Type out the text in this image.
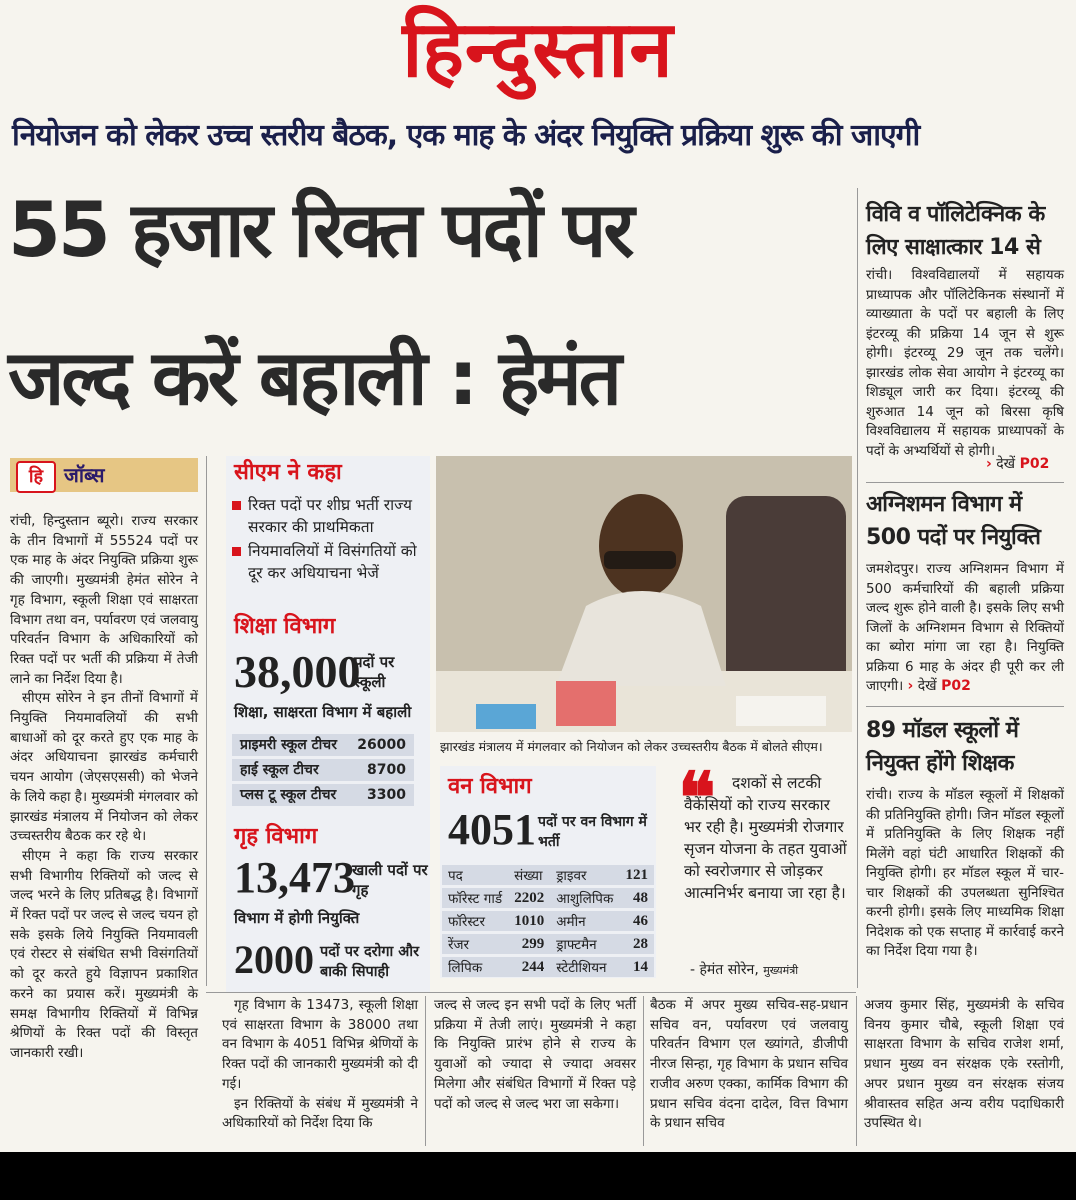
हिन्दुस्तान
नियोजन को लेकर उच्च स्तरीय बैठक, एक माह के अंदर नियुक्ति प्रक्रिया शुरू की जाएगी
55 हजार रिक्त पदों पर
जल्द करें बहाली : हेमंत
हि	जॉब्स

रांची, हिन्दुस्तान ब्यूरो। राज्य सरकार के तीन विभागों में 55524 पदों पर एक माह के अंदर नियुक्ति प्रक्रिया शुरू की जाएगी। मुख्यमंत्री हेमंत सोरेन ने गृह विभाग, स्कूली शिक्षा एवं साक्षरता विभाग तथा वन, पर्यावरण एवं जलवायु परिवर्तन विभाग के अधिकारियों को रिक्त पदों पर भर्ती की प्रक्रिया में तेजी लाने का निर्देश दिया है।

सीएम सोरेन ने इन तीनों विभागों में नियुक्ति नियमावलियों की सभी बाधाओं को दूर करते हुए एक माह के अंदर अधियाचना झारखंड कर्मचारी चयन आयोग (जेएसएससी) को भेजने के लिये कहा है। मुख्यमंत्री मंगलवार को झारखंड मंत्रालय में नियोजन को लेकर उच्चस्तरीय बैठक कर रहे थे।

सीएम ने कहा कि राज्य सरकार सभी विभागीय रिक्तियों को जल्द से जल्द भरने के लिए प्रतिबद्ध है। विभागों में रिक्त पदों पर जल्द से जल्द चयन हो सके इसके लिये नियुक्ति नियमावली एवं रोस्टर से संबंधित सभी विसंगतियों को दूर करते हुये विज्ञापन प्रकाशित करने का प्रयास करें। मुख्यमंत्री के समक्ष विभागीय रिक्तियों में विभिन्न श्रेणियों के रिक्त पदों की विस्तृत जानकारी रखी।

सीएम ने कहा
रिक्त पदों पर शीघ्र भर्ती राज्य सरकार की प्राथमिकता
नियमावलियों में विसंगतियों को दूर कर अधियाचना भेजें
शिक्षा विभाग
38,000
पदों पर स्कूली
शिक्षा, साक्षरता विभाग में बहाली
प्राइमरी स्कूल टीचर 26000
हाई स्कूल टीचर	8700
प्लस टू स्कूल टीचर 3300
गृह विभाग
13,473
खाली पदों पर गृह
विभाग में होगी नियुक्ति
2000 पदों पर दरोगा और बाकी सिपाही
झारखंड मंत्रालय में मंगलवार को नियोजन को लेकर उच्चस्तरीय बैठक में बोलते सीएम।
वन विभाग
4051 पदों पर वन विभाग में भर्ती
पद	संख्या	ड्राइवर	121
फॉरेस्ट गार्ड	2202	आशुलिपिक	48
फॉरेस्टर	1010	अमीन	46
रेंजर	299	ड्राफ्टमैन	28
लिपिक	244	स्टेटीशियन	14
❝	दशकों से लटकी वैकेंसियों को राज्य सरकार भर रही है। मुख्यमंत्री रोजगार सृजन योजना के तहत युवाओं को स्वरोजगार से जोड़कर आत्मनिर्भर बनाया जा रहा है।
- हेमंत सोरेन, मुख्यमंत्री

गृह विभाग के 13473, स्कूली शिक्षा एवं साक्षरता विभाग के 38000 तथा वन विभाग के 4051 विभिन्न श्रेणियों के रिक्त पदों की जानकारी मुख्यमंत्री को दी गई।

इन रिक्तियों के संबंध में मुख्यमंत्री ने अधिकारियों को निर्देश दिया कि

जल्द से जल्द इन सभी पदों के लिए भर्ती प्रक्रिया में तेजी लाएं। मुख्यमंत्री ने कहा कि नियुक्ति प्रारंभ होने से राज्य के युवाओं को ज्यादा से ज्यादा अवसर मिलेगा और संबंधित विभागों में रिक्त पड़े पदों को जल्द से जल्द भरा जा सकेगा।
बैठक में अपर मुख्य सचिव-सह-प्रधान सचिव वन, पर्यावरण एवं जलवायु परिवर्तन विभाग एल ख्यांगते, डीजीपी नीरज सिन्हा, गृह विभाग के प्रधान सचिव राजीव अरुण एक्का, कार्मिक विभाग की प्रधान सचिव वंदना दादेल, वित्त विभाग के प्रधान सचिव
अजय कुमार सिंह, मुख्यमंत्री के सचिव विनय कुमार चौबे, स्कूली शिक्षा एवं साक्षरता विभाग के सचिव राजेश शर्मा, प्रधान मुख्य वन संरक्षक एके रस्तोगी, अपर प्रधान मुख्य वन संरक्षक संजय श्रीवास्तव सहित अन्य वरीय पदाधिकारी उपस्थित थे।
विवि व पॉलिटेक्निक के लिए साक्षात्कार 14 से
रांची। विश्वविद्यालयों में सहायक प्राध्यापक और पॉलिटेकिनक संस्थानों में व्याख्याता के पदों पर बहाली के लिए इंटरव्यू की प्रक्रिया 14 जून से शुरू होगी। इंटरव्यू 29 जून तक चलेंगे। झारखंड लोक सेवा आयोग ने इंटरव्यू का शिड्यूल जारी कर दिया। इंटरव्यू की शुरुआत 14 जून को बिरसा कृषि विश्वविद्यालय में सहायक प्राध्यापकों के पदों के अभ्यर्थियों से होगी।
› देखें P02
अग्निशमन विभाग में 500 पदों पर नियुक्ति
जमशेदपुर। राज्य अग्निशमन विभाग में 500 कर्मचारियों की बहाली प्रक्रिया जल्द शुरू होने वाली है। इसके लिए सभी जिलों के अग्निशमन विभाग से रिक्तियों का ब्योरा मांगा जा रहा है। नियुक्ति प्रक्रिया 6 माह के अंदर ही पूरी कर ली जाएगी। › देखें P02
89 मॉडल स्कूलों में नियुक्त होंगे शिक्षक
रांची। राज्य के मॉडल स्कूलों में शिक्षकों की प्रतिनियुक्ति होगी। जिन मॉडल स्कूलों में प्रतिनियुक्ति के लिए शिक्षक नहीं मिलेंगे वहां घंटी आधारित शिक्षकों की नियुक्ति होगी। हर मॉडल स्कूल में चार-चार शिक्षकों की उपलब्धता सुनिश्चित करनी होगी। इसके लिए माध्यमिक शिक्षा निदेशक को एक सप्ताह में कार्रवाई करने का निर्देश दिया गया है।
